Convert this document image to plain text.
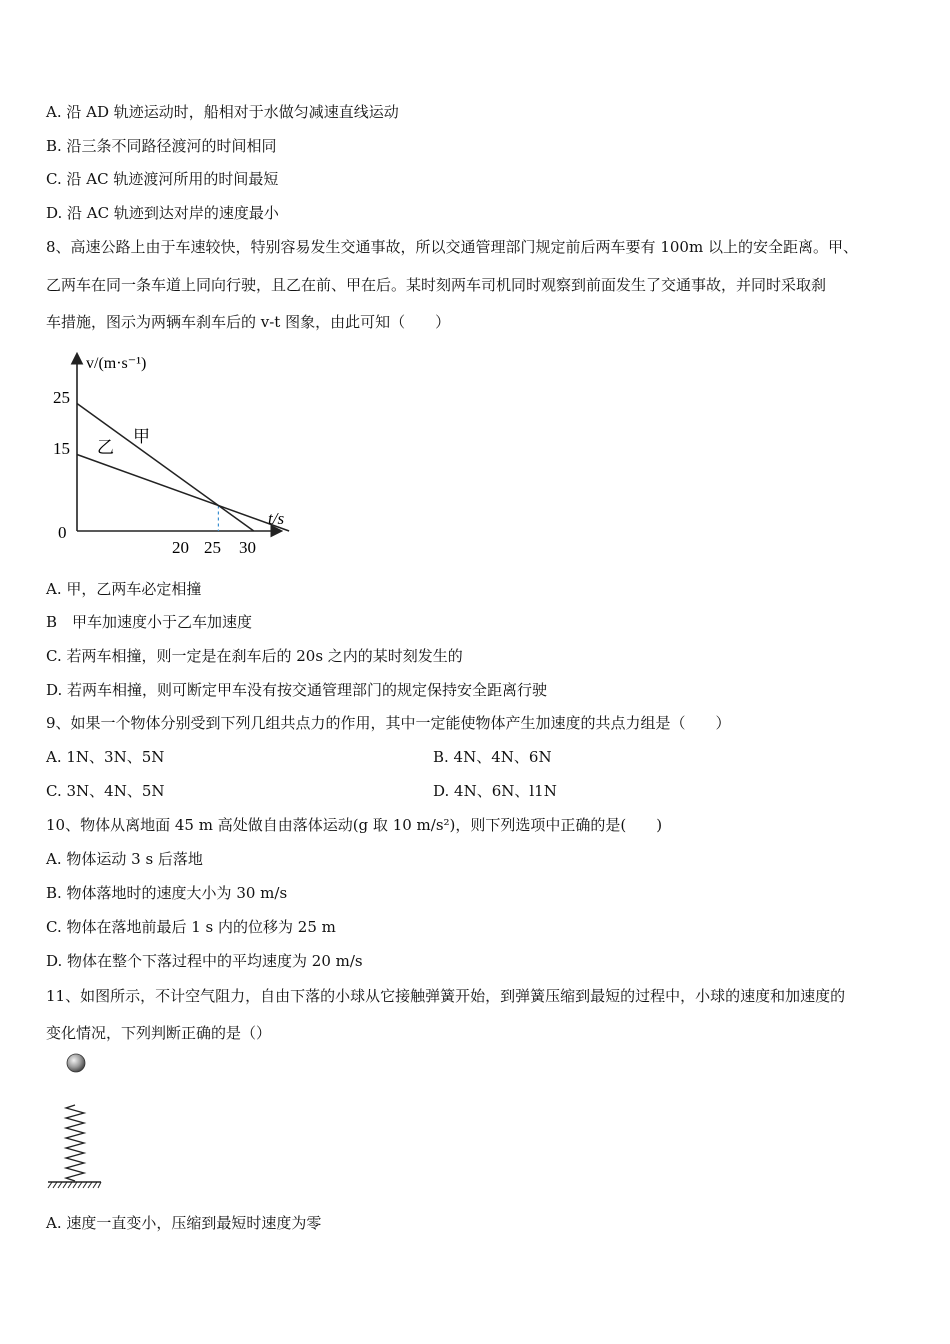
A. 沿 AD 轨迹运动时，船相对于水做匀减速直线运动
B. 沿三条不同路径渡河的时间相同
C. 沿 AC 轨迹渡河所用的时间最短
D. 沿 AC 轨迹到达对岸的速度最小
8、高速公路上由于车速较快，特别容易发生交通事故，所以交通管理部门规定前后两车要有 100m 以上的安全距离。甲、
乙两车在同一条车道上同向行驶，且乙在前、甲在后。某时刻两车司机同时观察到前面发生了交通事故，并同时采取刹
车措施，图示为两辆车刹车后的 v-t 图象，由此可知（　　）
v/(m·s⁻¹)
t/s
25
15
0
20 25 30
甲
乙
A. 甲，乙两车必定相撞
B　甲车加速度小于乙车加速度
C. 若两车相撞，则一定是在刹车后的 20s 之内的某时刻发生的
D. 若两车相撞，则可断定甲车没有按交通管理部门的规定保持安全距离行驶
9、如果一个物体分别受到下列几组共点力的作用，其中一定能使物体产生加速度的共点力组是（　　）
A. 1N、3N、5N	B. 4N、4N、6N
C. 3N、4N、5N	D. 4N、6N、l1N
10、物体从离地面 45 m 高处做自由落体运动(g 取 10 m/s²)，则下列选项中正确的是(　　)
A. 物体运动 3 s 后落地
B. 物体落地时的速度大小为 30 m/s
C. 物体在落地前最后 1 s 内的位移为 25 m
D. 物体在整个下落过程中的平均速度为 20 m/s
11、如图所示，不计空气阻力，自由下落的小球从它接触弹簧开始，到弹簧压缩到最短的过程中，小球的速度和加速度的
变化情况，下列判断正确的是（）
A. 速度一直变小，压缩到最短时速度为零
